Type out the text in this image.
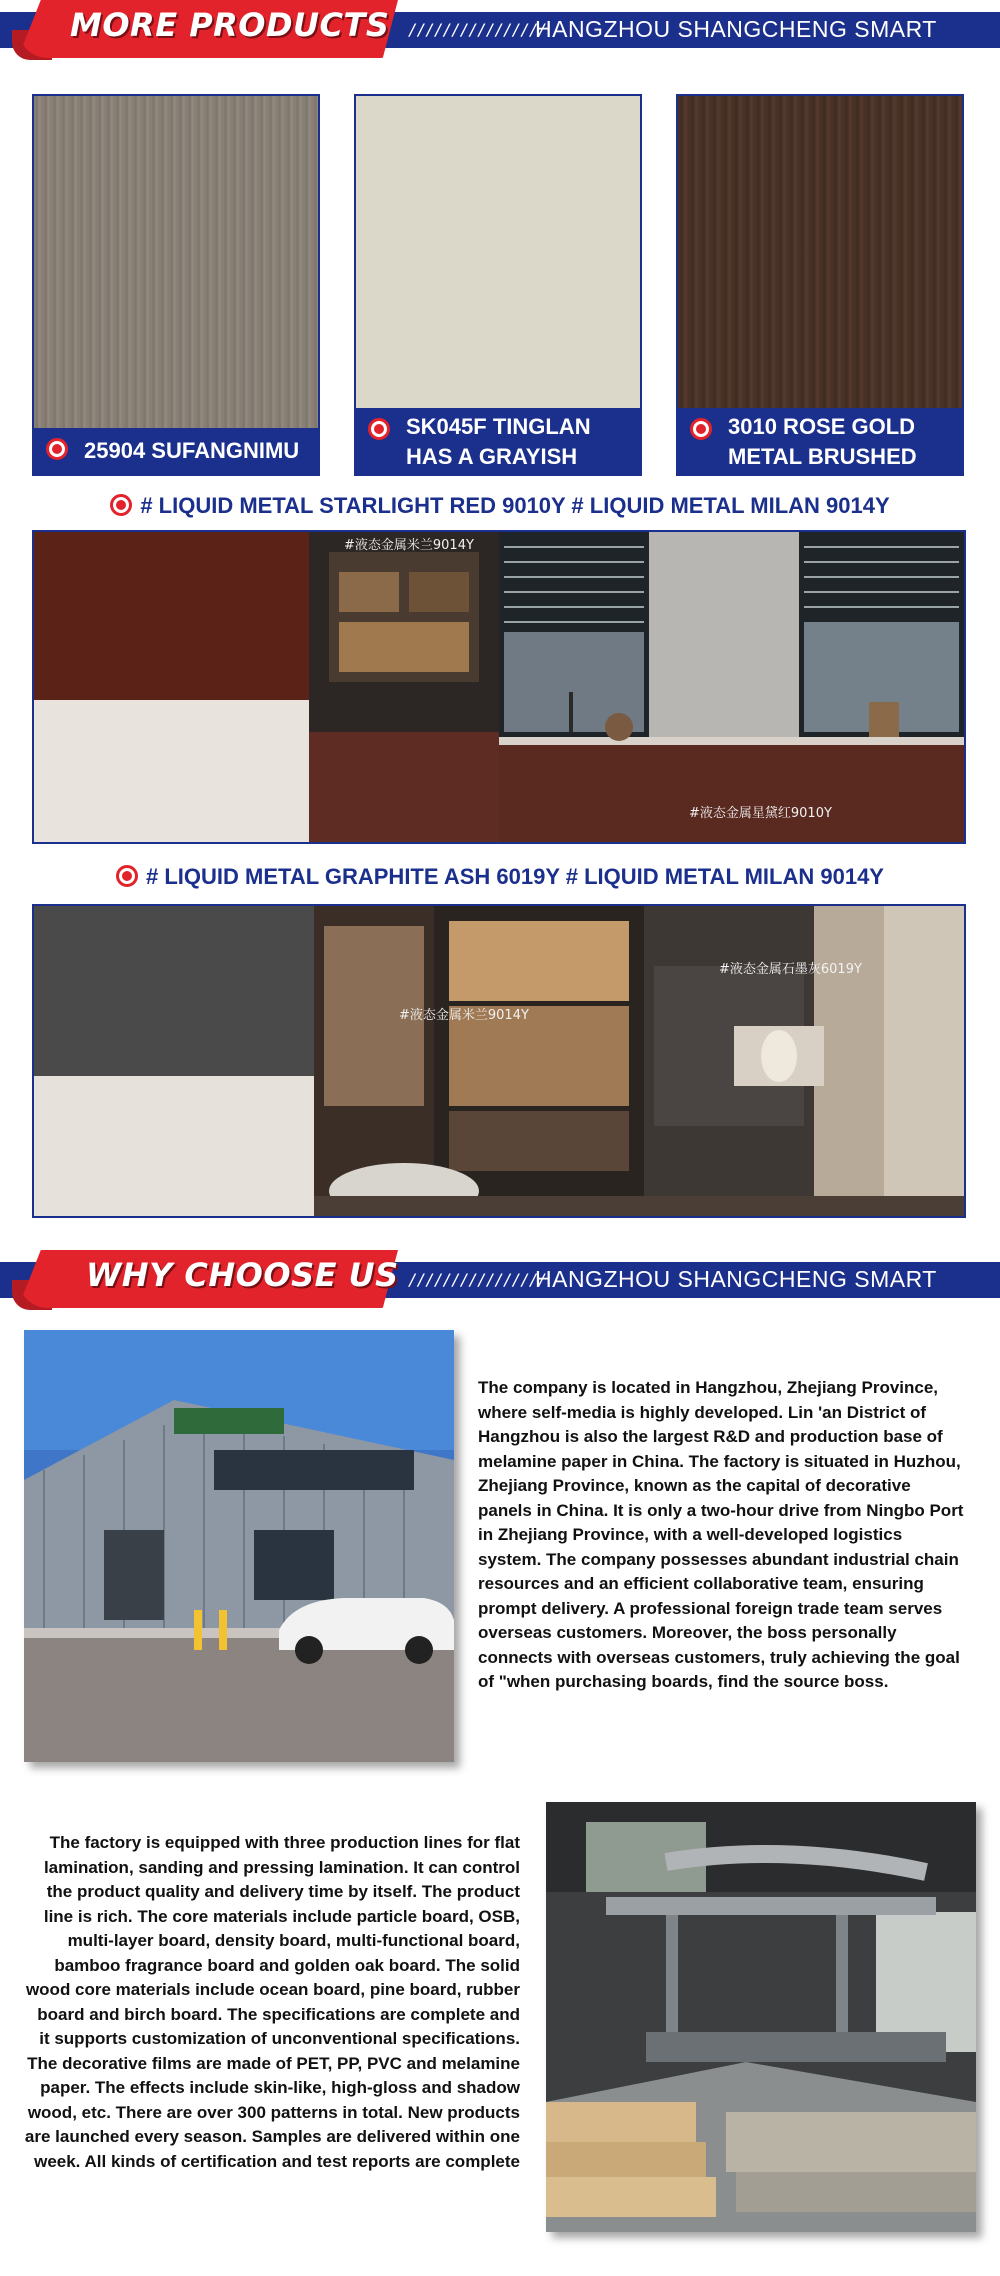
MORE PRODUCTS ////////////////
HANGZHOU SHANGCHENG SMART HOME
25904 SUFANGNIMU
SK045F TINGLAN HAS A GRAYISH SKIN FEEL
3010 ROSE GOLD METAL BRUSHED
# LIQUID METAL STARLIGHT RED 9010Y # LIQUID METAL MILAN 9014Y
#液态金属米兰9014Y
#液态金属星黛红9010Y
# LIQUID METAL GRAPHITE ASH 6019Y # LIQUID METAL MILAN 9014Y
#液态金属米兰9014Y
#液态金属石墨灰6019Y
WHY CHOOSE US ////////////////
HANGZHOU SHANGCHENG SMART HOME
The company is located in Hangzhou, Zhejiang Province, where self-media is highly developed. Lin 'an District of Hangzhou is also the largest R&D and production base of melamine paper in China. The factory is situated in Huzhou, Zhejiang Province, known as the capital of decorative panels in China. It is only a two-hour drive from Ningbo Port in Zhejiang Province, with a well-developed logistics system. The company possesses abundant industrial chain resources and an efficient collaborative team, ensuring prompt delivery. A professional foreign trade team serves overseas customers. Moreover, the boss personally connects with overseas customers, truly achieving the goal of "when purchasing boards, find the source boss.
The factory is equipped with three production lines for flat lamination, sanding and pressing lamination. It can control the product quality and delivery time by itself. The product line is rich. The core materials include particle board, OSB, multi-layer board, density board, multi-functional board, bamboo fragrance board and golden oak board. The solid wood core materials include ocean board, pine board, rubber board and birch board. The specifications are complete and it supports customization of unconventional specifications. The decorative films are made of PET, PP, PVC and melamine paper. The effects include skin-like, high-gloss and shadow wood, etc. There are over 300 patterns in total. New products are launched every season. Samples are delivered within one week. All kinds of certification and test reports are complete
